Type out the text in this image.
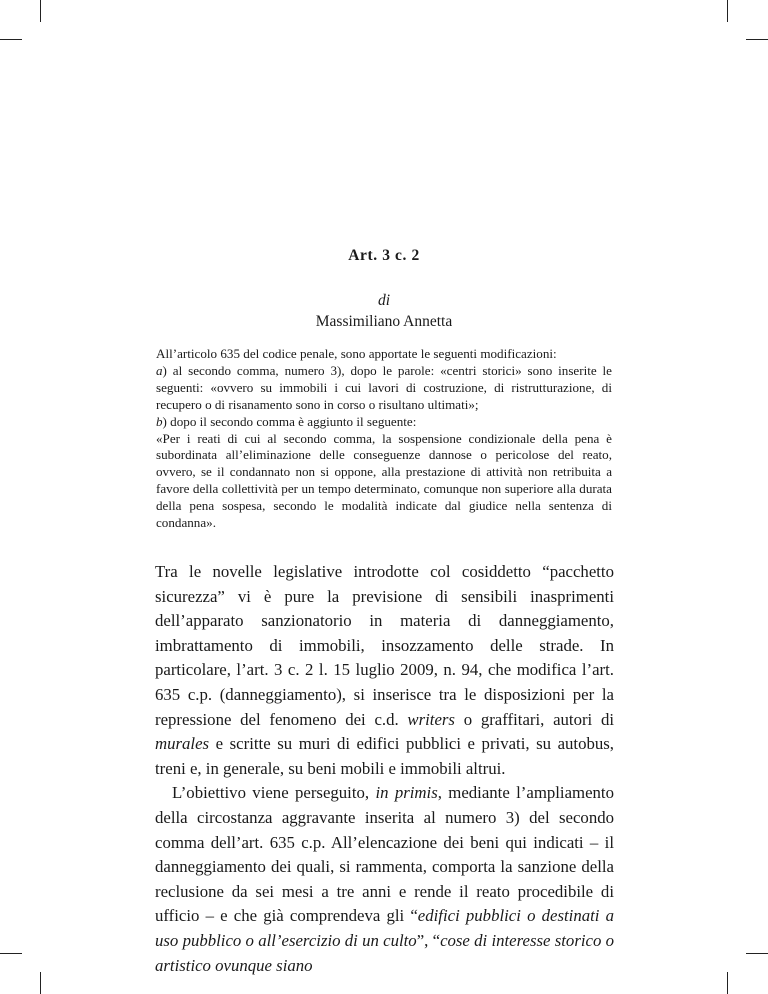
Art. 3 c. 2
di
Massimiliano Annetta

All’articolo 635 del codice penale, sono apportate le seguenti modificazioni:

a) al secondo comma, numero 3), dopo le parole: «centri storici» sono inserite le seguenti: «ovvero su immobili i cui lavori di costruzione, di ristrutturazione, di recupero o di risanamento sono in corso o risultano ultimati»;

b) dopo il secondo comma è aggiunto il seguente:

«Per i reati di cui al secondo comma, la sospensione condizionale della pena è subordinata all’eliminazione delle conseguenze dannose o pericolose del reato, ovvero, se il condannato non si oppone, alla prestazione di attività non retribuita a favore della collettività per un tempo determinato, comunque non superiore alla durata della pena sospesa, secondo le modalità indicate dal giudice nella sentenza di condanna».

Tra le novelle legislative introdotte col cosiddetto “pacchetto sicurezza” vi è pure la previsione di sensibili inasprimenti dell’apparato sanzionatorio in materia di danneggiamento, imbrattamento di immobili, insozzamento delle strade. In particolare, l’art. 3 c. 2 l. 15 luglio 2009, n. 94, che modifica l’art. 635 c.p. (danneggiamento), si inserisce tra le disposizioni per la repressione del fenomeno dei c.d. writers o graffitari, autori di murales e scritte su muri di edifici pubblici e privati, su autobus, treni e, in generale, su beni mobili e immobili altrui.

L’obiettivo viene perseguito, in primis, mediante l’ampliamento della circostanza aggravante inserita al numero 3) del secondo comma dell’art. 635 c.p. All’elencazione dei beni qui indicati – il danneggiamento dei quali, si rammenta, comporta la sanzione della reclusione da sei mesi a tre anni e rende il reato procedibile di ufficio – e che già comprendeva gli “edifici pubblici o destinati a uso pubblico o all’esercizio di un culto”, “cose di interesse storico o artistico ovunque siano
